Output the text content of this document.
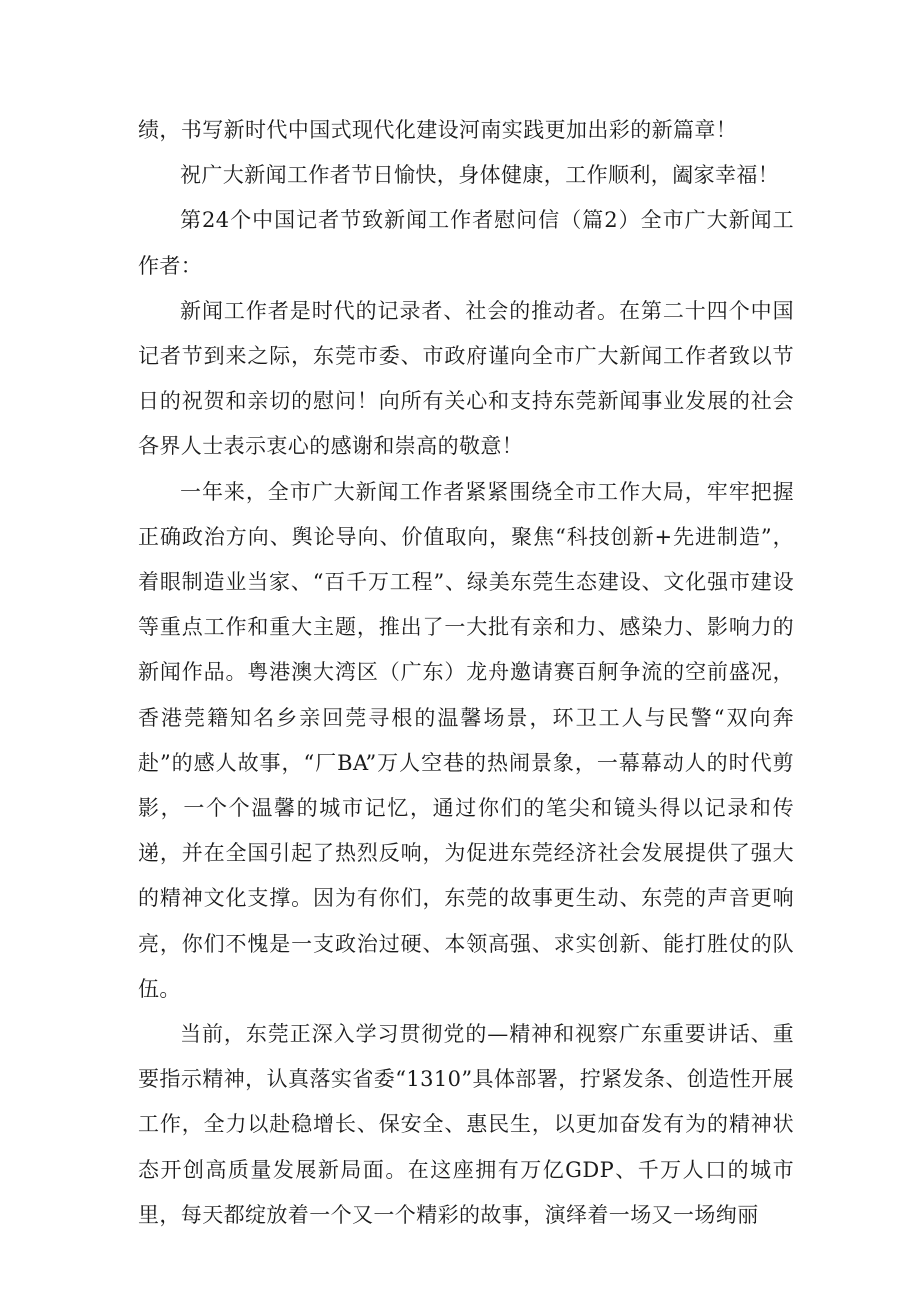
绩，书写新时代中国式现代化建设河南实践更加出彩的新篇章！

祝广大新闻工作者节日愉快，身体健康，工作顺利，阖家幸福！

第24个中国记者节致新闻工作者慰问信（篇2）全市广大新闻工作者：

新闻工作者是时代的记录者、社会的推动者。在第二十四个中国记者节到来之际，东莞市委、市政府谨向全市广大新闻工作者致以节日的祝贺和亲切的慰问！向所有关心和支持东莞新闻事业发展的社会各界人士表示衷心的感谢和崇高的敬意！

一年来，全市广大新闻工作者紧紧围绕全市工作大局，牢牢把握正确政治方向、舆论导向、价值取向，聚焦“科技创新+先进制造”，着眼制造业当家、“百千万工程”、绿美东莞生态建设、文化强市建设等重点工作和重大主题，推出了一大批有亲和力、感染力、影响力的新闻作品。粤港澳大湾区（广东）龙舟邀请赛百舸争流的空前盛况，香港莞籍知名乡亲回莞寻根的温馨场景，环卫工人与民警“双向奔赴”的感人故事，“厂BA”万人空巷的热闹景象，一幕幕动人的时代剪影，一个个温馨的城市记忆，通过你们的笔尖和镜头得以记录和传递，并在全国引起了热烈反响，为促进东莞经济社会发展提供了强大的精神文化支撑。因为有你们，东莞的故事更生动、东莞的声音更响亮，你们不愧是一支政治过硬、本领高强、求实创新、能打胜仗的队伍。

当前，东莞正深入学习贯彻党的—精神和视察广东重要讲话、重要指示精神，认真落实省委“1310”具体部署，拧紧发条、创造性开展工作，全力以赴稳增长、保安全、惠民生，以更加奋发有为的精神状态开创高质量发展新局面。在这座拥有万亿GDP、千万人口的城市里，每天都绽放着一个又一个精彩的故事，演绎着一场又一场绚丽
